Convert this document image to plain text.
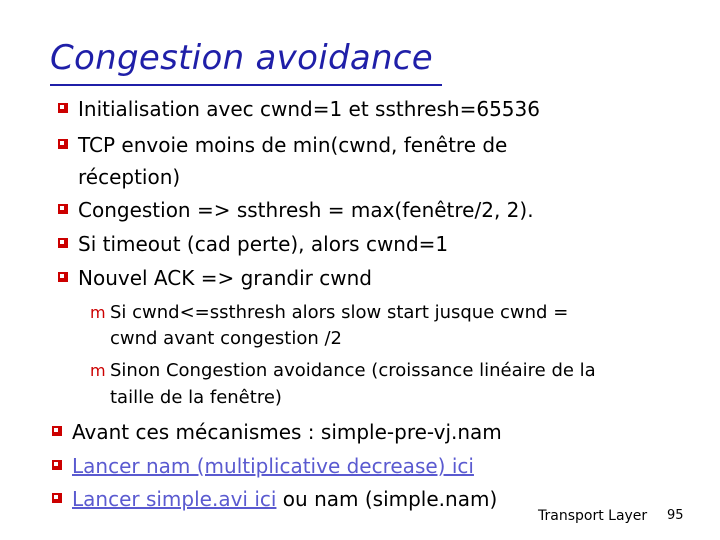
Congestion avoidance
Initialisation avec cwnd=1 et ssthresh=65536
TCP envoie moins de min(cwnd, fenêtre de
réception)
Congestion => ssthresh = max(fenêtre/2, 2).
Si timeout (cad perte), alors cwnd=1
Nouvel ACK => grandir cwnd
m Si cwnd<=ssthresh alors slow start jusque cwnd =
cwnd avant congestion /2
m Sinon Congestion avoidance (croissance linéaire de la
taille de la fenêtre)
Avant ces mécanismes : simple-pre-vj.nam
Lancer nam (multiplicative decrease) ici
Lancer simple.avi ici ou nam (simple.nam)
Transport Layer 95
